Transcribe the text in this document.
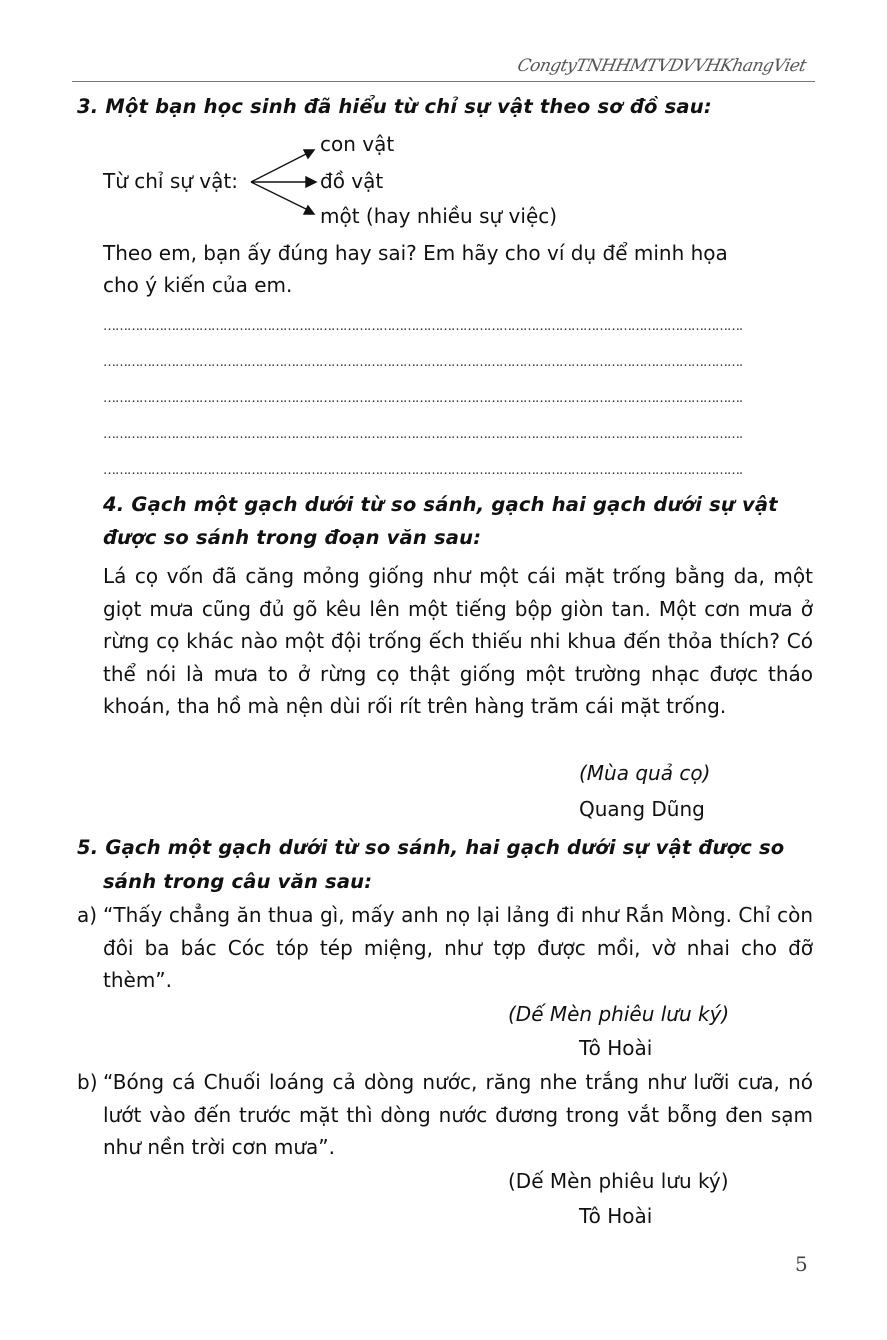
CongtyTNHHMTVDVVHKhangViet
3. Một bạn học sinh đã hiểu từ chỉ sự vật theo sơ đồ sau:
Từ chỉ sự vật:
con vật
đồ vật
một (hay nhiều sự việc)
Theo em, bạn ấy đúng hay sai? Em hãy cho ví dụ để minh họa
cho ý kiến của em.
…………………………………………………………………………………………………………………………………………….
…………………………………………………………………………………………………………………………………………….
…………………………………………………………………………………………………………………………………………….
…………………………………………………………………………………………………………………………………………….
…………………………………………………………………………………………………………………………………………….
4. Gạch một gạch dưới từ so sánh, gạch hai gạch dưới sự vật
được so sánh trong đoạn văn sau:
Lá cọ vốn đã căng mỏng giống như một cái mặt trống bằng da, một giọt mưa cũng đủ gõ kêu lên một tiếng bộp giòn tan. Một cơn mưa ở rừng cọ khác nào một đội trống ếch thiếu nhi khua đến thỏa thích? Có thể nói là mưa to ở rừng cọ thật giống một trường nhạc được tháo khoán, tha hồ mà nện dùi rối rít trên hàng trăm cái mặt trống.
(Mùa quả cọ)
Quang Dũng
5. Gạch một gạch dưới từ so sánh, hai gạch dưới sự vật được so
sánh trong câu văn sau:
a) “Thấy chẳng ăn thua gì, mấy anh nọ lại lảng đi như Rắn Mòng. Chỉ còn đôi ba bác Cóc tóp tép miệng, như tợp được mồi, vờ nhai cho đỡ thèm”.
(Dế Mèn phiêu lưu ký)
Tô Hoài
b) “Bóng cá Chuối loáng cả dòng nước, răng nhe trắng như lưỡi cưa, nó lướt vào đến trước mặt thì dòng nước đương trong vắt bỗng đen sạm như nền trời cơn mưa”.
(Dế Mèn phiêu lưu ký)
Tô Hoài
5
